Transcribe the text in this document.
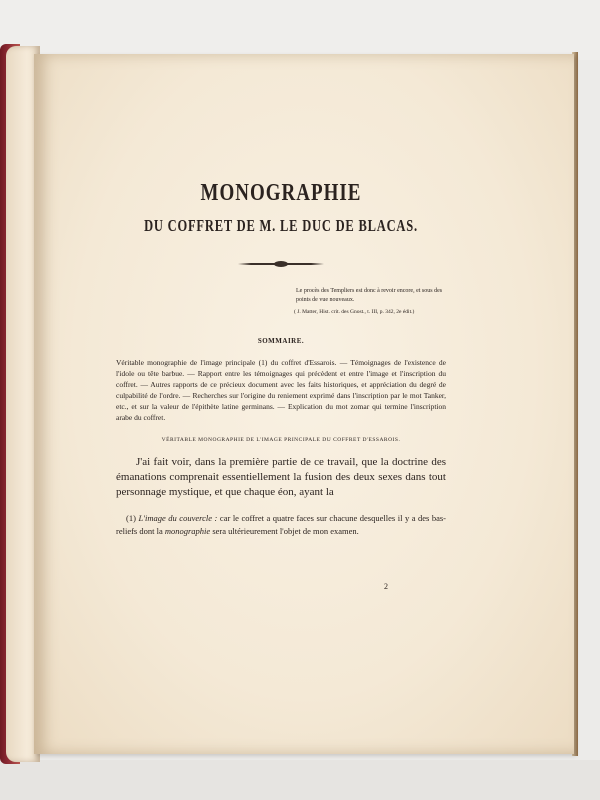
MONOGRAPHIE
DU COFFRET DE M. LE DUC DE BLACAS.
Le procès des Templiers est donc à revoir encore, et sous des points de vue nouveaux.
( J. Matter, Hist. crit. des Gnost., t. III, p. 342, 2e édit.)
SOMMAIRE.
Véritable monographie de l'image principale (1) du coffret d'Essarois. — Témoignages de l'existence de l'idole ou tête barbue. — Rapport entre les témoignages qui précèdent et entre l'image et l'inscription du coffret. — Autres rapports de ce précieux document avec les faits historiques, et appréciation du degré de culpabilité de l'ordre. — Recherches sur l'origine du reniement exprimé dans l'inscription par le mot Tanker, etc., et sur la valeur de l'épithète latine germinans. — Explication du mot zomar qui termine l'inscription arabe du coffret.
VÉRITABLE MONOGRAPHIE DE L'IMAGE PRINCIPALE DU COFFRET D'ESSAROIS.
J'ai fait voir, dans la première partie de ce travail, que la doctrine des émanations comprenait essentiellement la fusion des deux sexes dans tout personnage mystique, et que chaque éon, ayant la
(1) L'image du couvercle : car le coffret a quatre faces sur chacune desquelles il y a des bas-reliefs dont la monographie sera ultérieurement l'objet de mon examen.
2
